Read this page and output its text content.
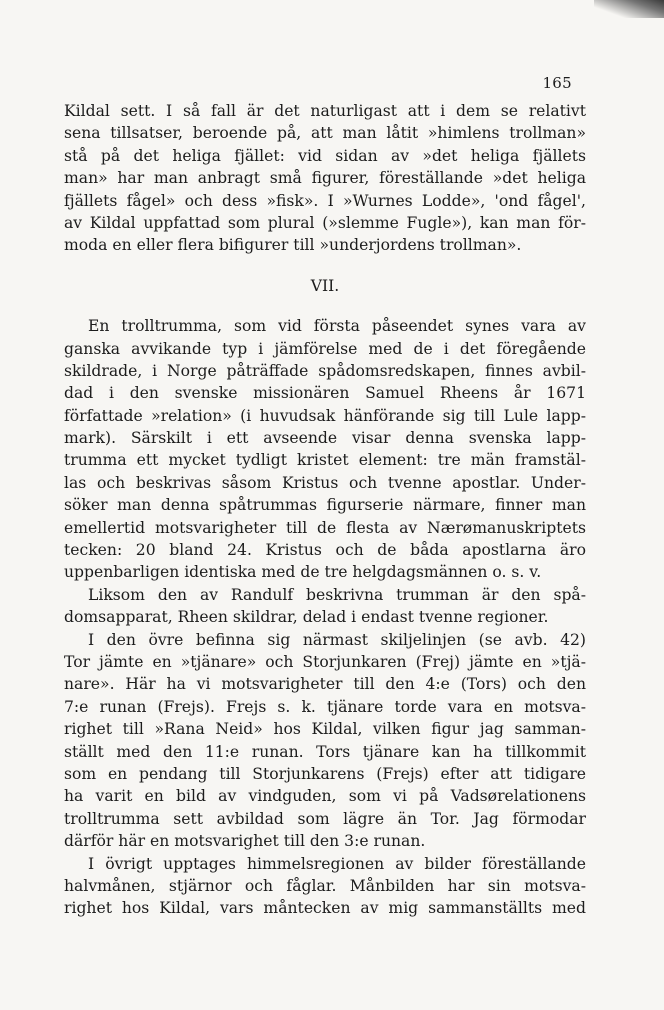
165
Kildal sett. I så fall är det naturligast att i dem se relativt
sena tillsatser, beroende på, att man låtit »himlens trollman»
stå på det heliga fjället: vid sidan av »det heliga fjällets
man» har man anbragt små figurer, föreställande »det heliga
fjällets fågel» och dess »fisk». I »Wurnes Lodde», 'ond fågel',
av Kildal uppfattad som plural (»slemme Fugle»), kan man för-
moda en eller flera bifigurer till »underjordens trollman».
VII.
En trolltrumma, som vid första påseendet synes vara av
ganska avvikande typ i jämförelse med de i det föregående
skildrade, i Norge påträffade spådomsredskapen, finnes avbil-
dad i den svenske missionären Samuel Rheens år 1671
författade »relation» (i huvudsak hänförande sig till Lule lapp-
mark). Särskilt i ett avseende visar denna svenska lapp-
trumma ett mycket tydligt kristet element: tre män framstäl-
las och beskrivas såsom Kristus och tvenne apostlar. Under-
söker man denna spåtrummas figurserie närmare, finner man
emellertid motsvarigheter till de flesta av Nærømanuskriptets
tecken: 20 bland 24. Kristus och de båda apostlarna äro
uppenbarligen identiska med de tre helgdagsmännen o. s. v.
Liksom den av Randulf beskrivna trumman är den spå-
domsapparat, Rheen skildrar, delad i endast tvenne regioner.
I den övre befinna sig närmast skiljelinjen (se avb. 42)
Tor jämte en »tjänare» och Storjunkaren (Frej) jämte en »tjä-
nare». Här ha vi motsvarigheter till den 4:e (Tors) och den
7:e runan (Frejs). Frejs s. k. tjänare torde vara en motsva-
righet till »Rana Neid» hos Kildal, vilken figur jag samman-
ställt med den 11:e runan. Tors tjänare kan ha tillkommit
som en pendang till Storjunkarens (Frejs) efter att tidigare
ha varit en bild av vindguden, som vi på Vadsørelationens
trolltrumma sett avbildad som lägre än Tor. Jag förmodar
därför här en motsvarighet till den 3:e runan.
I övrigt upptages himmelsregionen av bilder föreställande
halvmånen, stjärnor och fåglar. Månbilden har sin motsva-
righet hos Kildal, vars måntecken av mig sammanställts med
